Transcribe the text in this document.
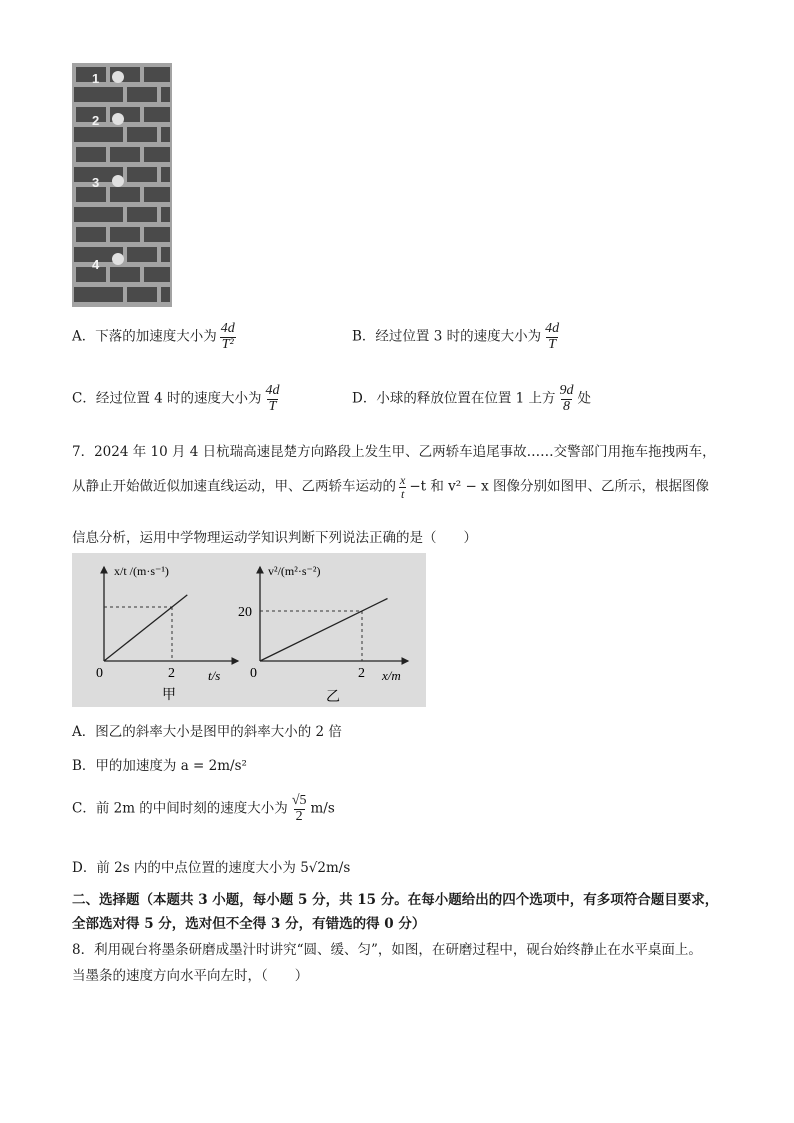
1
2
3
4
A．下落的加速度大小为 $\frac{4d}{\text{T²}}$	B．经过位置 3 时的速度大小为 $\frac{4d}{T}$
C．经过位置 4 时的速度大小为 $\frac{4d}{T}$	D．小球的释放位置在位置 1 上方 $\frac{9d}{8}$ 处
7．2024 年 10 月 4 日杭瑞高速昆楚方向路段上发生甲、乙两轿车追尾事故……交警部门用拖车拖拽两车，
从静止开始做近似加速直线运动，甲、乙两轿车运动的 $\frac{x}{t} -t$ 和 v² − x 图像分别如图甲、乙所示，根据图像
信息分析，运用中学物理运动学知识判断下列说法正确的是（　　）
0	2	t/s
x/t /(m·s⁻¹)
甲
0	2
20
x/m
v²/(m²·s⁻²)
乙
A．图乙的斜率大小是图甲的斜率大小的 2 倍
B．甲的加速度为 a = 2m/s²
C．前 2m 的中间时刻的速度大小为 $\frac{√5}{2} m/s$
D．前 2s 内的中点位置的速度大小为 5√2m/s
二、选择题（本题共 3 小题，每小题 5 分，共 15 分。在每小题给出的四个选项中，有多项符合题目要求，
全部选对得 5 分，选对但不全得 3 分，有错选的得 0 分）
8．利用砚台将墨条研磨成墨汁时讲究“圆、缓、匀”，如图，在研磨过程中，砚台始终静止在水平桌面上。
当墨条的速度方向水平向左时，（　　）
